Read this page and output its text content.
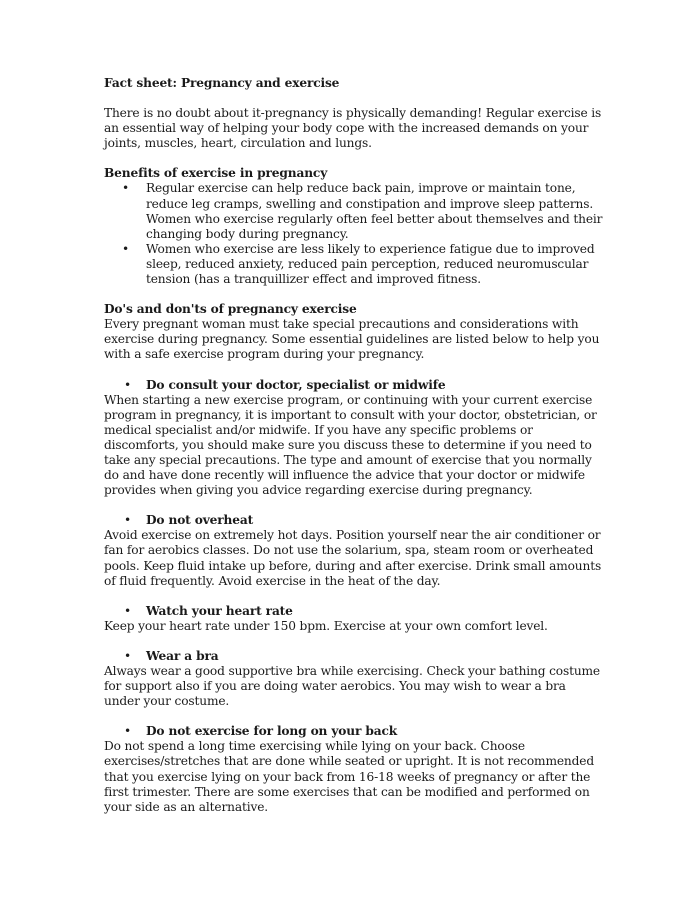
Fact sheet: Pregnancy and exercise

There is no doubt about it-pregnancy is physically demanding! Regular exercise is an essential way of helping your body cope with the increased demands on your joints, muscles, heart, circulation and lungs.

Benefits of exercise in pregnancy

• Regular exercise can help reduce back pain, improve or maintain tone, reduce leg cramps, swelling and constipation and improve sleep patterns. Women who exercise regularly often feel better about themselves and their changing body during pregnancy.
• Women who exercise are less likely to experience fatigue due to improved sleep, reduced anxiety, reduced pain perception, reduced neuromuscular tension (has a tranquillizer effect and improved fitness.

Do's and don'ts of pregnancy exercise

Every pregnant woman must take special precautions and considerations with exercise during pregnancy. Some essential guidelines are listed below to help you with a safe exercise program during your pregnancy.

• Do consult your doctor, specialist or midwife

When starting a new exercise program, or continuing with your current exercise program in pregnancy, it is important to consult with your doctor, obstetrician, or medical specialist and/or midwife. If you have any specific problems or discomforts, you should make sure you discuss these to determine if you need to take any special precautions. The type and amount of exercise that you normally do and have done recently will influence the advice that your doctor or midwife provides when giving you advice regarding exercise during pregnancy.

• Do not overheat

Avoid exercise on extremely hot days. Position yourself near the air conditioner or fan for aerobics classes. Do not use the solarium, spa, steam room or overheated pools. Keep fluid intake up before, during and after exercise. Drink small amounts of fluid frequently. Avoid exercise in the heat of the day.

• Watch your heart rate

Keep your heart rate under 150 bpm. Exercise at your own comfort level.

• Wear a bra

Always wear a good supportive bra while exercising. Check your bathing costume for support also if you are doing water aerobics. You may wish to wear a bra under your costume.

• Do not exercise for long on your back

Do not spend a long time exercising while lying on your back. Choose exercises/stretches that are done while seated or upright. It is not recommended that you exercise lying on your back from 16-18 weeks of pregnancy or after the first trimester. There are some exercises that can be modified and performed on your side as an alternative.
